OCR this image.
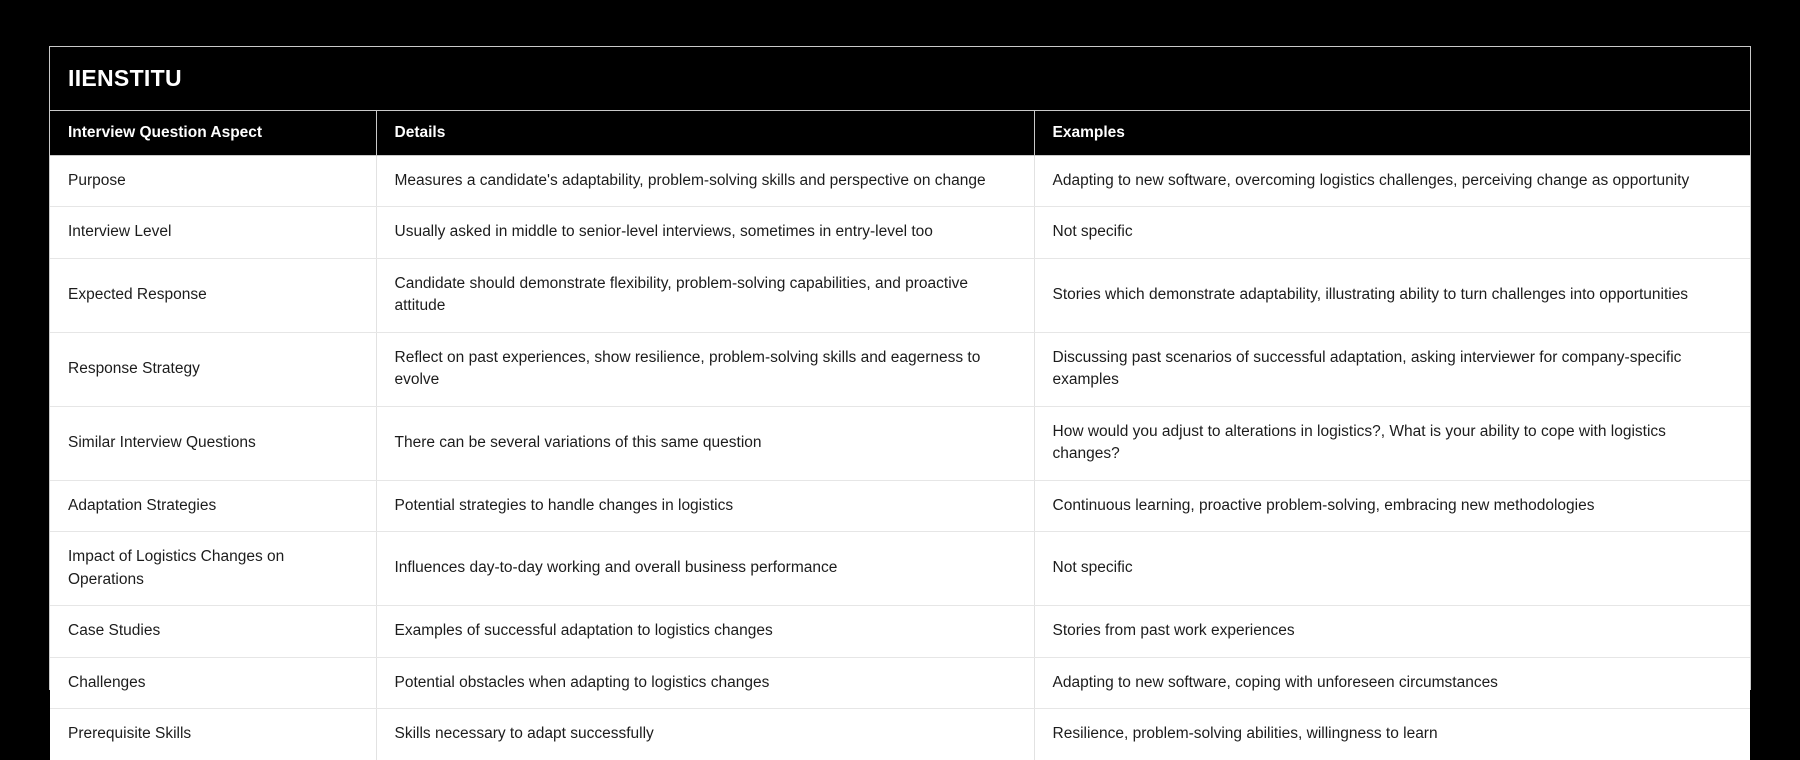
IIENSTITU
Interview Question Aspect	Details	Examples
Purpose	Measures a candidate's adaptability, problem-solving skills and perspective on change	Adapting to new software, overcoming logistics challenges, perceiving change as opportunity
Interview Level	Usually asked in middle to senior-level interviews, sometimes in entry-level too	Not specific
Expected Response	Candidate should demonstrate flexibility, problem-solving capabilities, and proactive attitude	Stories which demonstrate adaptability, illustrating ability to turn challenges into opportunities
Response Strategy	Reflect on past experiences, show resilience, problem-solving skills and eagerness to evolve	Discussing past scenarios of successful adaptation, asking interviewer for company-specific examples
Similar Interview Questions	There can be several variations of this same question	How would you adjust to alterations in logistics?, What is your ability to cope with logistics changes?
Adaptation Strategies	Potential strategies to handle changes in logistics	Continuous learning, proactive problem-solving, embracing new methodologies
Impact of Logistics Changes on Operations	Influences day-to-day working and overall business performance	Not specific
Case Studies	Examples of successful adaptation to logistics changes	Stories from past work experiences
Challenges	Potential obstacles when adapting to logistics changes	Adapting to new software, coping with unforeseen circumstances
Prerequisite Skills	Skills necessary to adapt successfully	Resilience, problem-solving abilities, willingness to learn
